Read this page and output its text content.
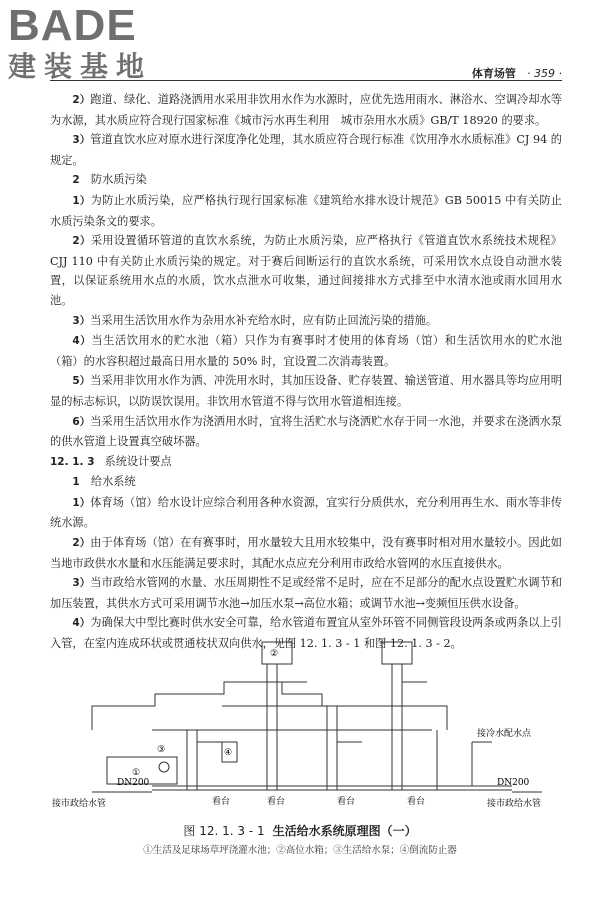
BADE
建装基地	体育场管 · 359 ·

2）跑道、绿化、道路浇洒用水采用非饮用水作为水源时，应优先选用雨水、淋浴水、空调冷却水等为水源，其水质应符合现行国家标准《城市污水再生利用　城市杂用水水质》GB/T 18920 的要求。

3）管道直饮水应对原水进行深度净化处理，其水质应符合现行标准《饮用净水水质标准》CJ 94 的规定。

2　防水质污染

1）为防止水质污染，应严格执行现行国家标准《建筑给水排水设计规范》GB 50015 中有关防止水质污染条文的要求。

2）采用设置循环管道的直饮水系统，为防止水质污染，应严格执行《管道直饮水系统技术规程》CJJ 110 中有关防止水质污染的规定。对于赛后间断运行的直饮水系统，可采用饮水点设自动泄水装置，以保证系统用水点的水质，饮水点泄水可收集，通过间接排水方式排至中水清水池或雨水回用水池。

3）当采用生活饮用水作为杂用水补充给水时，应有防止回流污染的措施。

4）当生活饮用水的贮水池（箱）只作为有赛事时才使用的体育场（馆）和生活饮用水的贮水池（箱）的水容积超过最高日用水量的 50% 时，宜设置二次消毒装置。

5）当采用非饮用水作为洒、冲洗用水时，其加压设备、贮存装置、输送管道、用水器具等均应用明显的标志标识，以防误饮误用。非饮用水管道不得与饮用水管道相连接。

6）当采用生活饮用水作为浇洒用水时，宜将生活贮水与浇洒贮水存于同一水池，并要求在浇洒水泵的供水管道上设置真空破坏器。

12. 1. 3 系统设计要点

1　给水系统

1）体育场（馆）给水设计应综合利用各种水资源，宜实行分质供水，充分利用再生水、雨水等非传统水源。

2）由于体育场（馆）在有赛事时，用水量较大且用水较集中，没有赛事时相对用水量较小。因此如当地市政供水水量和水压能满足要求时，其配水点应充分利用市政给水管网的水压直接供水。

3）当市政给水管网的水量、水压周期性不足或经常不足时，应在不足部分的配水点设置贮水调节和加压装置，其供水方式可采用调节水池→加压水泵→高位水箱；或调节水池→变频恒压供水设备。

4）为确保大中型比赛时供水安全可靠，给水管道布置宜从室外环管不同侧管段设两条或两条以上引入管，在室内连成环状或贯通枝状双向供水，见图 12. 1. 3 - 1 和图 12. 1. 3 - 2。

接冷水配水点
DN200	DN200
接市政给水管	接市政给水管
看台	看台	看台	看台
①
②
③	④
图 12. 1. 3 - 1 生活给水系统原理图（一）
①生活及足球场草坪浇灌水池；②高位水箱；③生活给水泵；④倒流防止器
